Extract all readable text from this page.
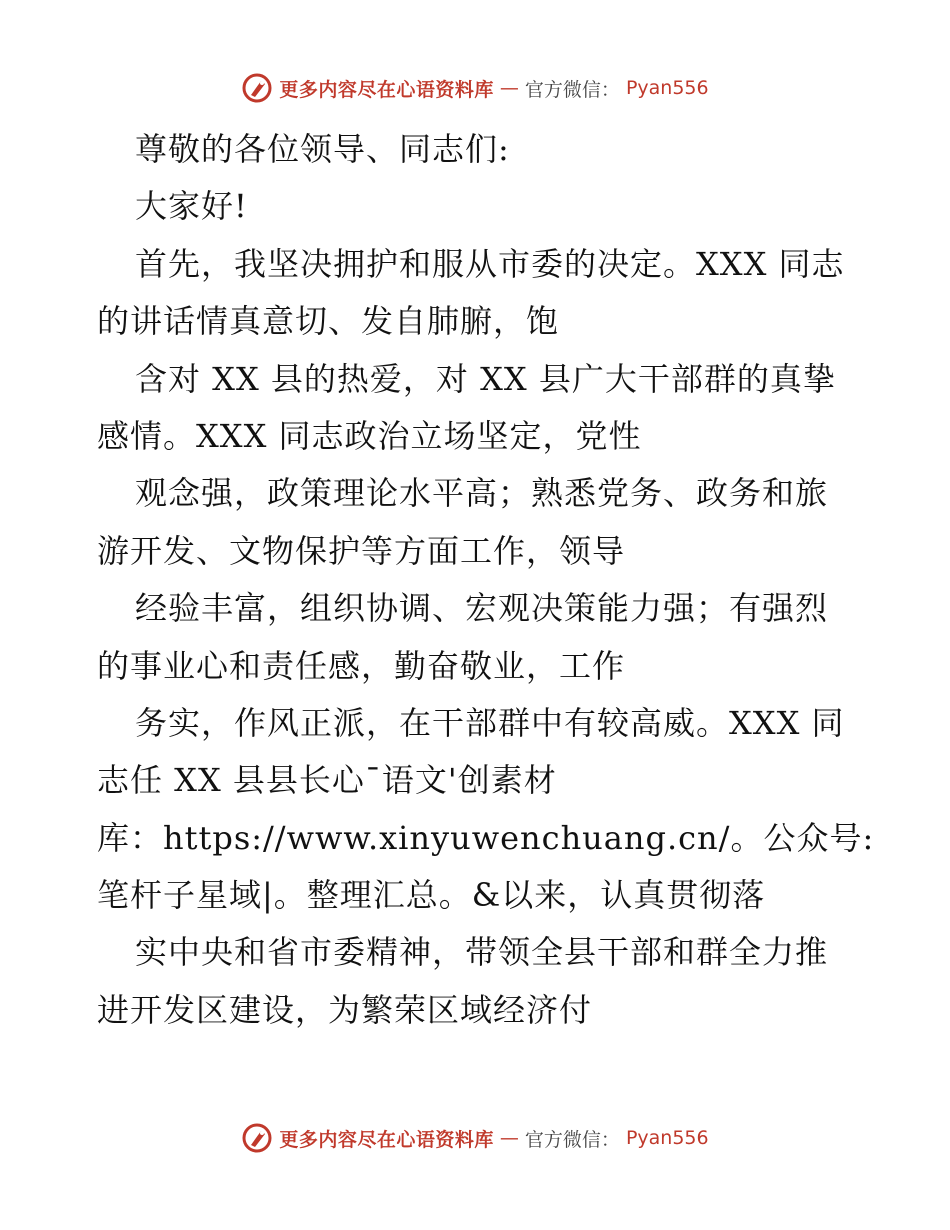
更多内容尽在心语资料库 — 官方微信： Pyan556
尊敬的各位领导、同志们:
大家好!
首先，我坚决拥护和服从市委的决定。XXX 同志
的讲话情真意切、发自肺腑，饱
含对 XX 县的热爱，对 XX 县广大干部群的真挚
感情。XXX 同志政治立场坚定，党性
观念强，政策理论水平高；熟悉党务、政务和旅
游开发、文物保护等方面工作，领导
经验丰富，组织协调、宏观决策能力强；有强烈
的事业心和责任感，勤奋敬业，工作
务实，作风正派，在干部群中有较高威。XXX 同
志任 XX 县县长心¯语文'创素材
库：https://www.xinyuwenchuang.cn/。公众号:
笔杆子星域|。整理汇总。&以来，认真贯彻落
实中央和省市委精神，带领全县干部和群全力推
进开发区建设，为繁荣区域经济付
更多内容尽在心语资料库 — 官方微信： Pyan556
